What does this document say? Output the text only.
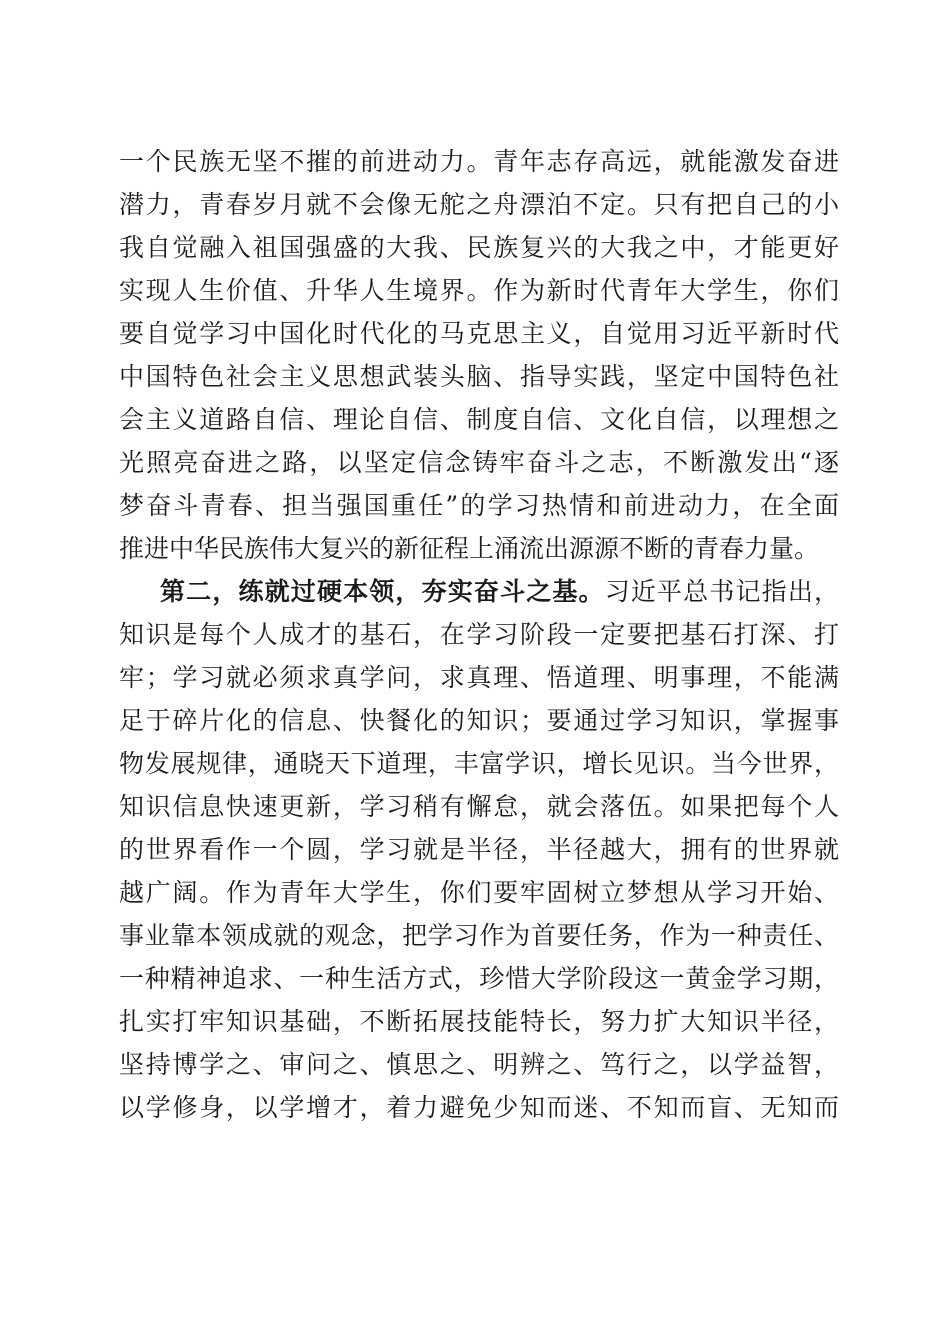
一个民族无坚不摧的前进动力。青年志存高远，就能激发奋进
潜力，青春岁月就不会像无舵之舟漂泊不定。只有把自己的小
我自觉融入祖国强盛的大我、民族复兴的大我之中，才能更好
实现人生价值、升华人生境界。作为新时代青年大学生，你们
要自觉学习中国化时代化的马克思主义，自觉用习近平新时代
中国特色社会主义思想武装头脑、指导实践，坚定中国特色社
会主义道路自信、理论自信、制度自信、文化自信，以理想之
光照亮奋进之路，以坚定信念铸牢奋斗之志，不断激发出“逐
梦奋斗青春、担当强国重任”的学习热情和前进动力，在全面
推进中华民族伟大复兴的新征程上涌流出源源不断的青春力量。
第二，练就过硬本领，夯实奋斗之基。习近平总书记指出，
知识是每个人成才的基石，在学习阶段一定要把基石打深、打
牢；学习就必须求真学问，求真理、悟道理、明事理，不能满
足于碎片化的信息、快餐化的知识；要通过学习知识，掌握事
物发展规律，通晓天下道理，丰富学识，增长见识。当今世界，
知识信息快速更新，学习稍有懈怠，就会落伍。如果把每个人
的世界看作一个圆，学习就是半径，半径越大，拥有的世界就
越广阔。作为青年大学生，你们要牢固树立梦想从学习开始、
事业靠本领成就的观念，把学习作为首要任务，作为一种责任、
一种精神追求、一种生活方式，珍惜大学阶段这一黄金学习期，
扎实打牢知识基础，不断拓展技能特长，努力扩大知识半径，
坚持博学之、审问之、慎思之、明辨之、笃行之，以学益智，
以学修身，以学增才，着力避免少知而迷、不知而盲、无知而
